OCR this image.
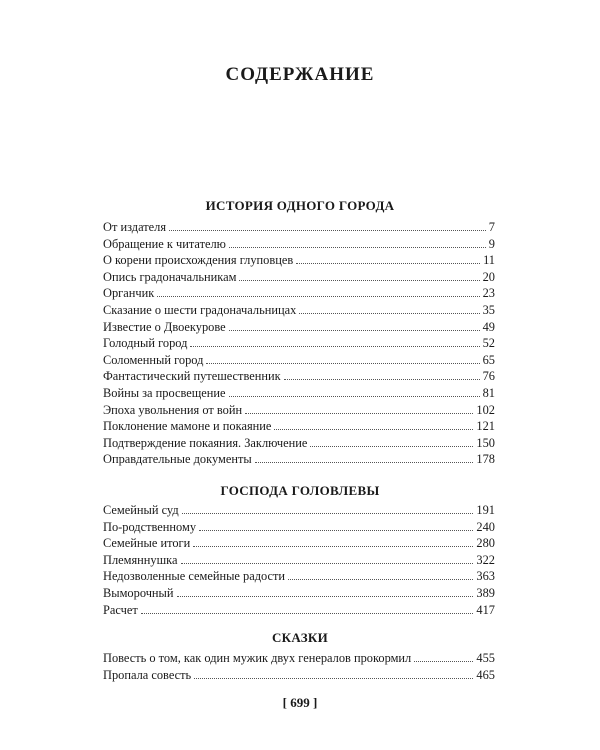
СОДЕРЖАНИЕ
ИСТОРИЯ ОДНОГО ГОРОДА
От издателя	7
Обращение к читателю	9
О корени происхождения глуповцев	11
Опись градоначальникам	20
Органчик	23
Сказание о шести градоначальницах	35
Известие о Двоекурове	49
Голодный город	52
Соломенный город	65
Фантастический путешественник	76
Войны за просвещение	81
Эпоха увольнения от войн	102
Поклонение мамоне и покаяние	121
Подтверждение покаяния. Заключение	150
Оправдательные документы	178
ГОСПОДА ГОЛОВЛЕВЫ
Семейный суд	191
По-родственному	240
Семейные итоги	280
Племяннушка	322
Недозволенные семейные радости	363
Выморочный	389
Расчет	417
СКАЗКИ
Повесть о том, как один мужик двух генералов прокормил	455
Пропала совесть	465
[ 699 ]
